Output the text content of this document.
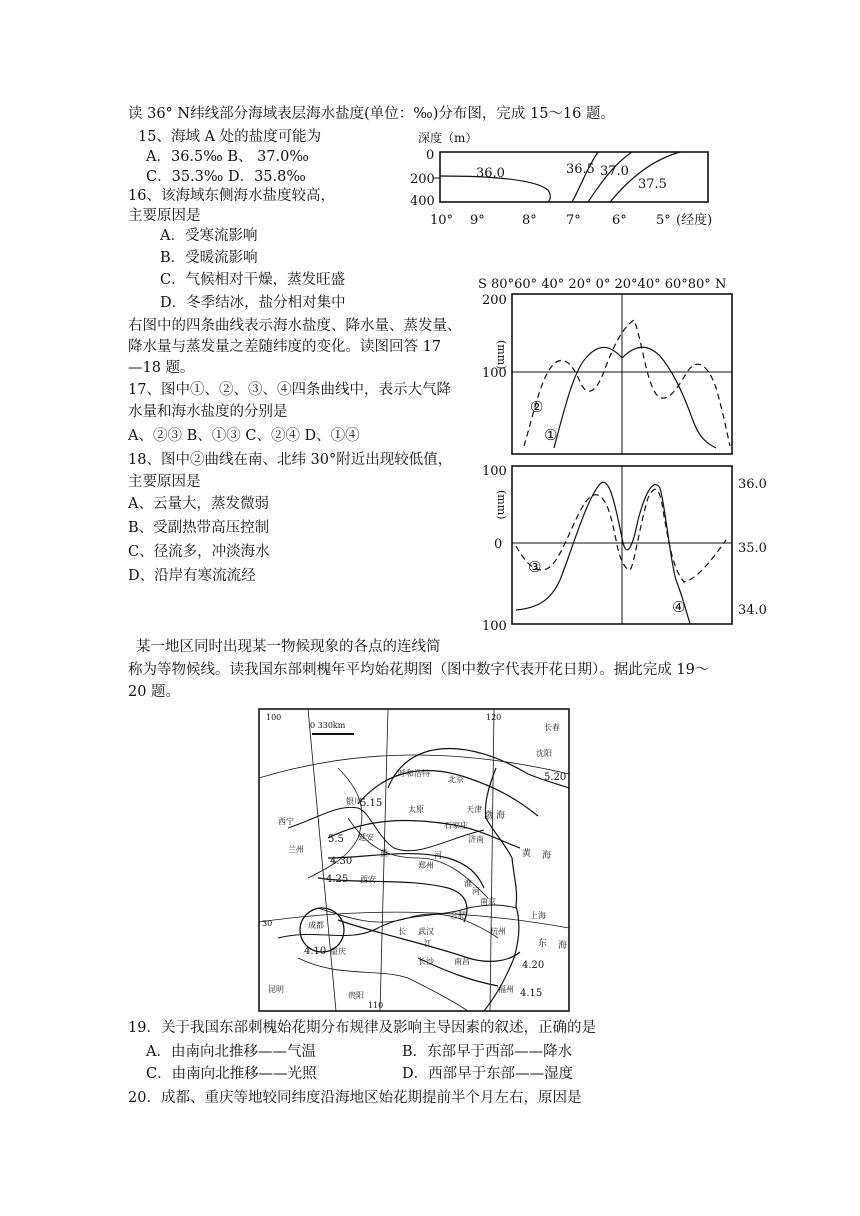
读 36° N纬线部分海域表层海水盐度(单位：‰)分布图，完成 15～16 题。
15、海域 A 处的盐度可能为
A．36.5‰ B、 37.0‰
C．35.3‰ D．35.8‰
16、该海域东侧海水盐度较高，
主要原因是
A．受寒流影响
B．受暖流影响
C．气候相对干燥，蒸发旺盛
D．冬季结冰，盐分相对集中
右图中的四条曲线表示海水盐度、降水量、蒸发量、
降水量与蒸发量之差随纬度的变化。读图回答 17
—18 题。
17、图中①、②、③、④四条曲线中，表示大气降
水量和海水盐度的分别是
A、②③ B、①③ C、②④ D、①④
18、图中②曲线在南、北纬 30°附近出现较低值，
主要原因是
A、云量大，蒸发微弱
B、受副热带高压控制
C、径流多，冲淡海水
D、沿岸有寒流流经
某一地区同时出现某一物候现象的各点的连线简
称为等物候线。读我国东部刺槐年平均始花期图（图中数字代表开花日期）。据此完成 19～
20 题。
19．关于我国东部刺槐始花期分布规律及影响主导因素的叙述，正确的是
A．由南向北推移——气温	B．东部早于西部——降水
C．由南向北推移——光照	D．西部早于东部——湿度
20．成都、重庆等地较同纬度沿海地区始花期提前半个月左右，原因是
深度（m）
0
200
400
36.0	36.5 37.0
37.5
10° 9°	8° 7° 6° 5° (经度)
S 80°60° 40° 20° 0° 20°40° 60°80° N
200
100
(mm)
②
①
100
0
100
(mm)
36.0
35.0
34.0
③
④
100
110
120
30
0 330km
5.20
5.15
5.5
4.30
4.25
4.10
4.20
4.15
长春
沈阳
呼和浩特
北京
银川
太原	天津
西宁	石家庄
兰州
延安	济南
西安
郑州
成都
合肥
南京
上海
武汉	杭州
重庆
长沙	南昌
昆明
贵阳
福州
渤 海
黄 海
东 海
黄	河
长
江
淮
河
